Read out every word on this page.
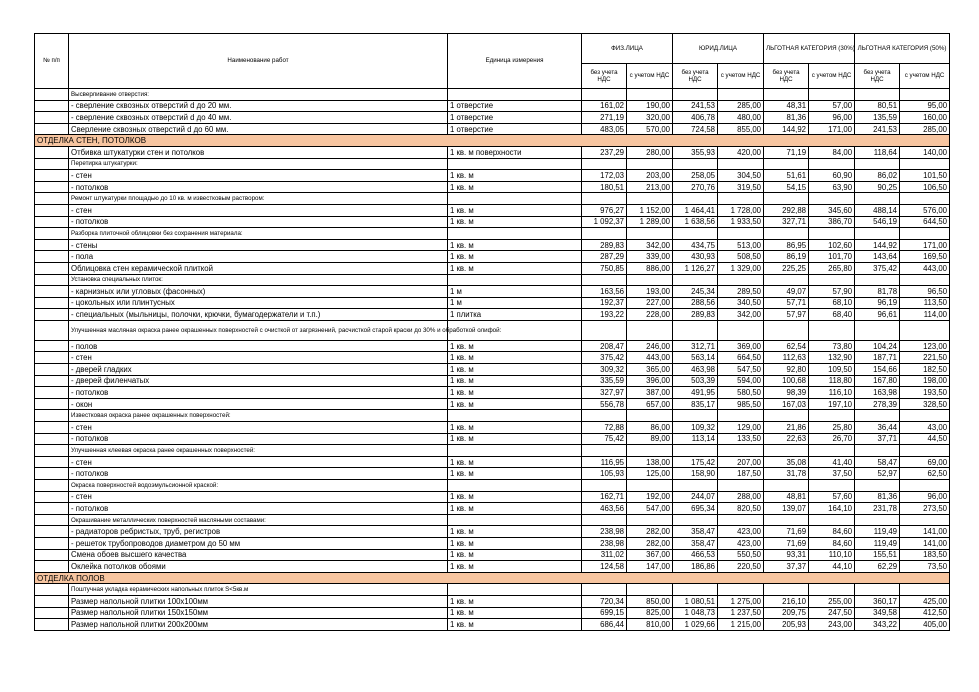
№ п/п	Наименование работ	Единица измерения	ФИЗ.ЛИЦА		ЮРИД.ЛИЦА		ЛЬГОТНАЯ КАТЕГОРИЯ (30%)		ЛЬГОТНАЯ КАТЕГОРИЯ (50%)	
			без учета НДС	с учетом НДС	без учета НДС	с учетом НДС	без учета НДС	с учетом НДС	без учета НДС	с учетом НДС
	Высверливание отверстия:									
	- сверление сквозных отверстий d до 20 мм.	1 отверстие	161,02	190,00	241,53	285,00	48,31	57,00	80,51	95,00
	- сверление сквозных отверстий d до 40 мм.	1 отверстие	271,19	320,00	406,78	480,00	81,36	96,00	135,59	160,00
	Сверление сквозных отверстий d до 60 мм.	1 отверстие	483,05	570,00	724,58	855,00	144,92	171,00	241,53	285,00
ОТДЕЛКА СТЕН, ПОТОЛКОВ										
	Отбивка штукатурки стен и потолков	1 кв. м поверхности	237,29	280,00	355,93	420,00	71,19	84,00	118,64	140,00
	Перетирка штукатурки:									
	- стен	1 кв. м	172,03	203,00	258,05	304,50	51,61	60,90	86,02	101,50
	- потолков	1 кв. м	180,51	213,00	270,76	319,50	54,15	63,90	90,25	106,50
	Ремонт штукатурки площадью до 10 кв. м известковым раствором:									
	- стен	1 кв. м	976,27	1 152,00	1 464,41	1 728,00	292,88	345,60	488,14	576,00
	- потолков	1 кв. м	1 092,37	1 289,00	1 638,56	1 933,50	327,71	386,70	546,19	644,50
	Разборка плиточной облицовки без сохранения материала:									
	- стены	1 кв. м	289,83	342,00	434,75	513,00	86,95	102,60	144,92	171,00
	- пола	1 кв. м	287,29	339,00	430,93	508,50	86,19	101,70	143,64	169,50
	Облицовка стен керамической плиткой	1 кв. м	750,85	886,00	1 126,27	1 329,00	225,25	265,80	375,42	443,00
	Установка специальных плиток:									
	- карнизных или угловых (фасонных)	1 м	163,56	193,00	245,34	289,50	49,07	57,90	81,78	96,50
	- цокольных или плинтусных	1 м	192,37	227,00	288,56	340,50	57,71	68,10	96,19	113,50
	- специальных (мыльницы, полочки, крючки, бумагодержатели и т.п.)	1 плитка	193,22	228,00	289,83	342,00	57,97	68,40	96,61	114,00
	Улучшенная масляная окраска ранее окрашенных поверхностей с очисткой от загрязнений, расчисткой старой краски до 30% и обработкой олифой:									
	- полов	1 кв. м	208,47	246,00	312,71	369,00	62,54	73,80	104,24	123,00
	- стен	1 кв. м	375,42	443,00	563,14	664,50	112,63	132,90	187,71	221,50
	- дверей гладких	1 кв. м	309,32	365,00	463,98	547,50	92,80	109,50	154,66	182,50
	- дверей филенчатых	1 кв. м	335,59	396,00	503,39	594,00	100,68	118,80	167,80	198,00
	- потолков	1 кв. м	327,97	387,00	491,95	580,50	98,39	116,10	163,98	193,50
	- окон	1 кв. м	556,78	657,00	835,17	985,50	167,03	197,10	278,39	328,50
	Известковая окраска ранее окрашенных поверхностей:									
	- стен	1 кв. м	72,88	86,00	109,32	129,00	21,86	25,80	36,44	43,00
	- потолков	1 кв. м	75,42	89,00	113,14	133,50	22,63	26,70	37,71	44,50
	Улучшенная клеевая окраска ранее окрашенных поверхностей:									
	- стен	1 кв. м	116,95	138,00	175,42	207,00	35,08	41,40	58,47	69,00
	- потолков	1 кв. м	105,93	125,00	158,90	187,50	31,78	37,50	52,97	62,50
	Окраска поверхностей водоэмульсионной краской:									
	- стен	1 кв. м	162,71	192,00	244,07	288,00	48,81	57,60	81,36	96,00
	- потолков	1 кв. м	463,56	547,00	695,34	820,50	139,07	164,10	231,78	273,50
	Окрашивание металлических поверхностей масляными составами:									
	- радиаторов ребристых, труб, регистров	1 кв. м	238,98	282,00	358,47	423,00	71,69	84,60	119,49	141,00
	- решеток трубопроводов диаметром до 50 мм	1 кв. м	238,98	282,00	358,47	423,00	71,69	84,60	119,49	141,00
	Смена обоев высшего качества	1 кв. м	311,02	367,00	466,53	550,50	93,31	110,10	155,51	183,50
	Оклейка потолков обоями	1 кв. м	124,58	147,00	186,86	220,50	37,37	44,10	62,29	73,50
ОТДЕЛКА ПОЛОВ										
	Поштучная укладка керамических напольных плиток S<5кв.м									
	Размер напольной плитки 100х100мм	1 кв. м	720,34	850,00	1 080,51	1 275,00	216,10	255,00	360,17	425,00
	Размер напольной плитки 150х150мм	1 кв. м	699,15	825,00	1 048,73	1 237,50	209,75	247,50	349,58	412,50
	Размер напольной плитки 200х200мм	1 кв. м	686,44	810,00	1 029,66	1 215,00	205,93	243,00	343,22	405,00
